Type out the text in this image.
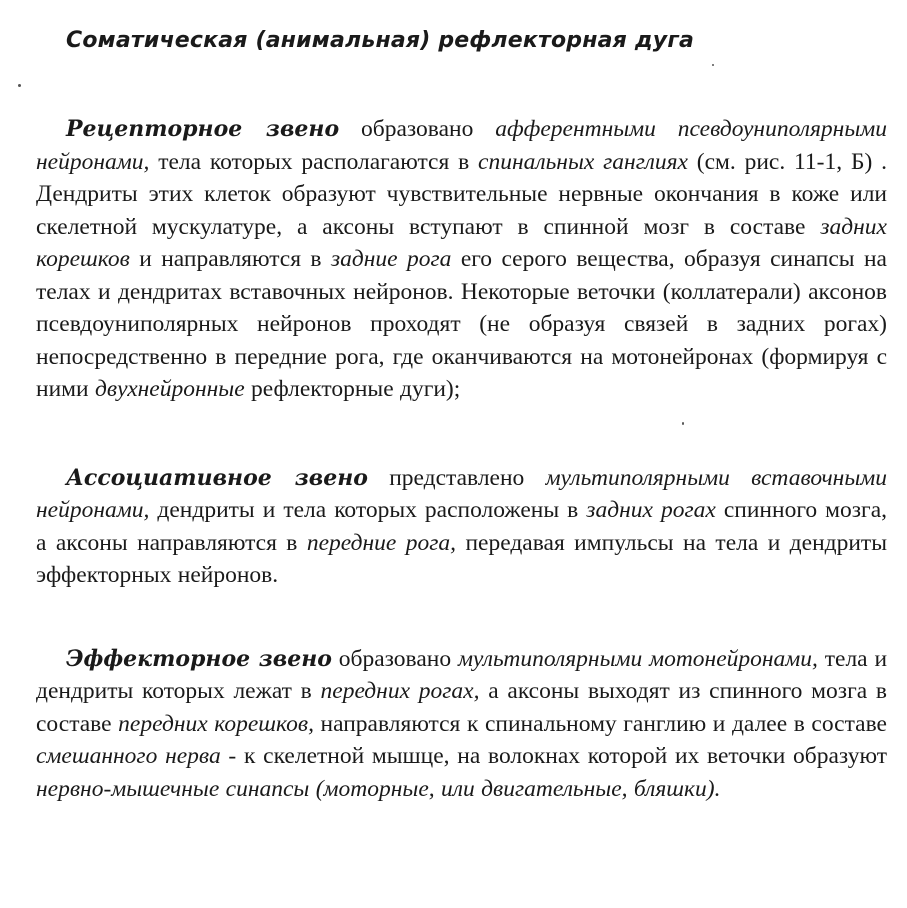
Соматическая (анимальная) рефлекторная дуга

Рецепторное звено образовано афферентными псевдоуниполярными нейронами, тела которых располагаются в спинальных ганглиях (см. рис. 11-1, Б) . Дендриты этих клеток образуют чувствительные нервные окончания в коже или скелетной мускулатуре, а аксоны вступают в спинной мозг в составе задних корешков и направляются в задние рога его серого вещества, образуя синапсы на телах и дендритах вставочных нейронов. Некоторые веточки (коллатерали) аксонов псевдоуниполярных нейронов проходят (не образуя связей в задних рогах) непосредственно в передние рога, где оканчиваются на мотонейронах (формируя с ними двухнейронные рефлекторные дуги);

Ассоциативное звено представлено мультиполярными вставочными нейронами, дендриты и тела которых расположены в задних рогах спинного мозга, а аксоны направляются в передние рога, передавая импульсы на тела и дендриты эффекторных нейронов.

Эффекторное звено образовано мультиполярными мотонейронами, тела и дендриты которых лежат в передних рогах, а аксоны выходят из спинного мозга в составе передних корешков, направляются к спинальному ганглию и далее в составе смешанного нерва - к скелетной мышце, на волокнах которой их веточки образуют нервно-мышечные синапсы (моторные, или двигательные, бляшки).
